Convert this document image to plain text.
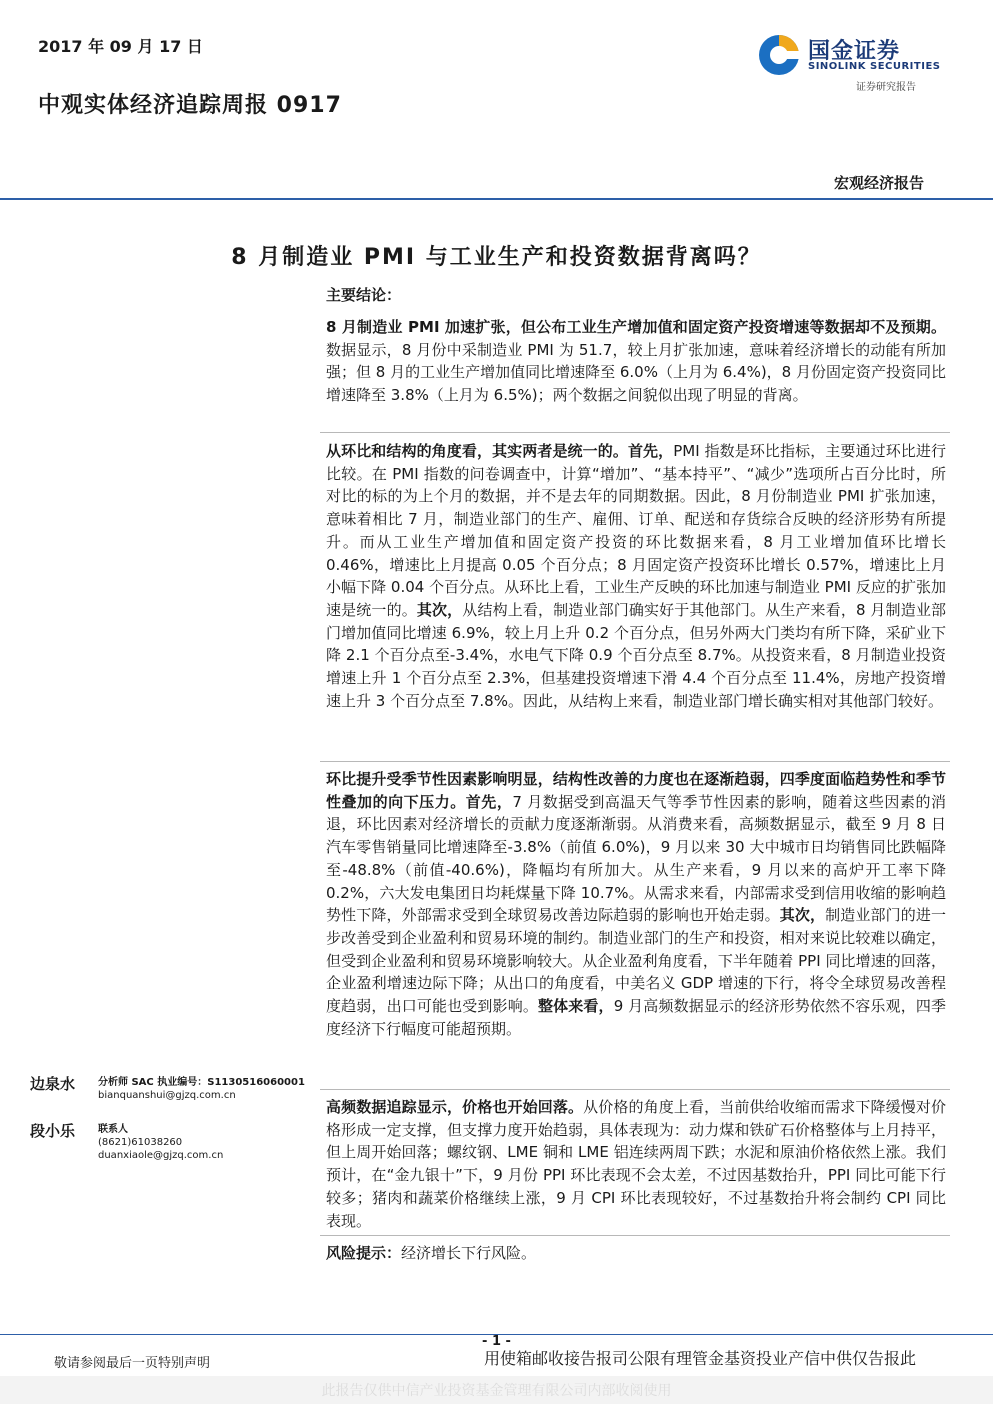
2017 年 09 月 17 日
中观实体经济追踪周报 0917
国金证券
SINOLINK SECURITIES
证券研究报告
宏观经济报告
8 月制造业 PMI 与工业生产和投资数据背离吗？
主要结论：
8 月制造业 PMI 加速扩张，但公布工业生产增加值和固定资产投资增速等数据却不及预期。数据显示，8 月份中采制造业 PMI 为 51.7，较上月扩张加速，意味着经济增长的动能有所加强；但 8 月的工业生产增加值同比增速降至 6.0%（上月为 6.4%)，8 月份固定资产投资同比增速降至 3.8%（上月为 6.5%)；两个数据之间貌似出现了明显的背离。
从环比和结构的角度看，其实两者是统一的。首先，PMI 指数是环比指标，主要通过环比进行比较。在 PMI 指数的问卷调查中，计算“增加”、“基本持平”、“减少”选项所占百分比时，所对比的标的为上个月的数据，并不是去年的同期数据。因此，8 月份制造业 PMI 扩张加速，意味着相比 7 月，制造业部门的生产、雇佣、订单、配送和存货综合反映的经济形势有所提升。而从工业生产增加值和固定资产投资的环比数据来看，8 月工业增加值环比增长 0.46%，增速比上月提高 0.05 个百分点；8 月固定资产投资环比增长 0.57%，增速比上月小幅下降 0.04 个百分点。从环比上看，工业生产反映的环比加速与制造业 PMI 反应的扩张加速是统一的。其次，从结构上看，制造业部门确实好于其他部门。从生产来看，8 月制造业部门增加值同比增速 6.9%，较上月上升 0.2 个百分点，但另外两大门类均有所下降，采矿业下降 2.1 个百分点至-3.4%，水电气下降 0.9 个百分点至 8.7%。从投资来看，8 月制造业投资增速上升 1 个百分点至 2.3%，但基建投资增速下滑 4.4 个百分点至 11.4%，房地产投资增速上升 3 个百分点至 7.8%。因此，从结构上来看，制造业部门增长确实相对其他部门较好。
环比提升受季节性因素影响明显，结构性改善的力度也在逐渐趋弱，四季度面临趋势性和季节性叠加的向下压力。首先，7 月数据受到高温天气等季节性因素的影响，随着这些因素的消退，环比因素对经济增长的贡献力度逐渐渐弱。从消费来看，高频数据显示，截至 9 月 8 日汽车零售销量同比增速降至-3.8%（前值 6.0%)，9 月以来 30 大中城市日均销售同比跌幅降至-48.8%（前值-40.6%)，降幅均有所加大。从生产来看，9 月以来的高炉开工率下降 0.2%，六大发电集团日均耗煤量下降 10.7%。从需求来看，内部需求受到信用收缩的影响趋势性下降，外部需求受到全球贸易改善边际趋弱的影响也开始走弱。其次，制造业部门的进一步改善受到企业盈利和贸易环境的制约。制造业部门的生产和投资，相对来说比较难以确定，但受到企业盈利和贸易环境影响较大。从企业盈利角度看，下半年随着 PPI 同比增速的回落，企业盈利增速边际下降；从出口的角度看，中美名义 GDP 增速的下行，将令全球贸易改善程度趋弱，出口可能也受到影响。整体来看，9 月高频数据显示的经济形势依然不容乐观，四季度经济下行幅度可能超预期。
高频数据追踪显示，价格也开始回落。从价格的角度上看，当前供给收缩而需求下降缓慢对价格形成一定支撑，但支撑力度开始趋弱，具体表现为：动力煤和铁矿石价格整体与上月持平，但上周开始回落；螺纹钢、LME 铜和 LME 铝连续两周下跌；水泥和原油价格依然上涨。我们预计，在“金九银十”下，9 月份 PPI 环比表现不会太差，不过因基数抬升，PPI 同比可能下行较多；猪肉和蔬菜价格继续上涨，9 月 CPI 环比表现较好，不过基数抬升将会制约 CPI 同比表现。
风险提示：经济增长下行风险。
边泉水	分析师 SAC 执业编号：S1130516060001
bianquanshui@gjzq.com.cn
段小乐	联系人
(8621)61038260
duanxiaole@gjzq.com.cn
- 1 -
敬请参阅最后一页特别声明	用使箱邮收接告报司公限有理管金基资投业产信中供仅告报此
此报告仅供中信产业投资基金管理有限公司内部收阅使用
